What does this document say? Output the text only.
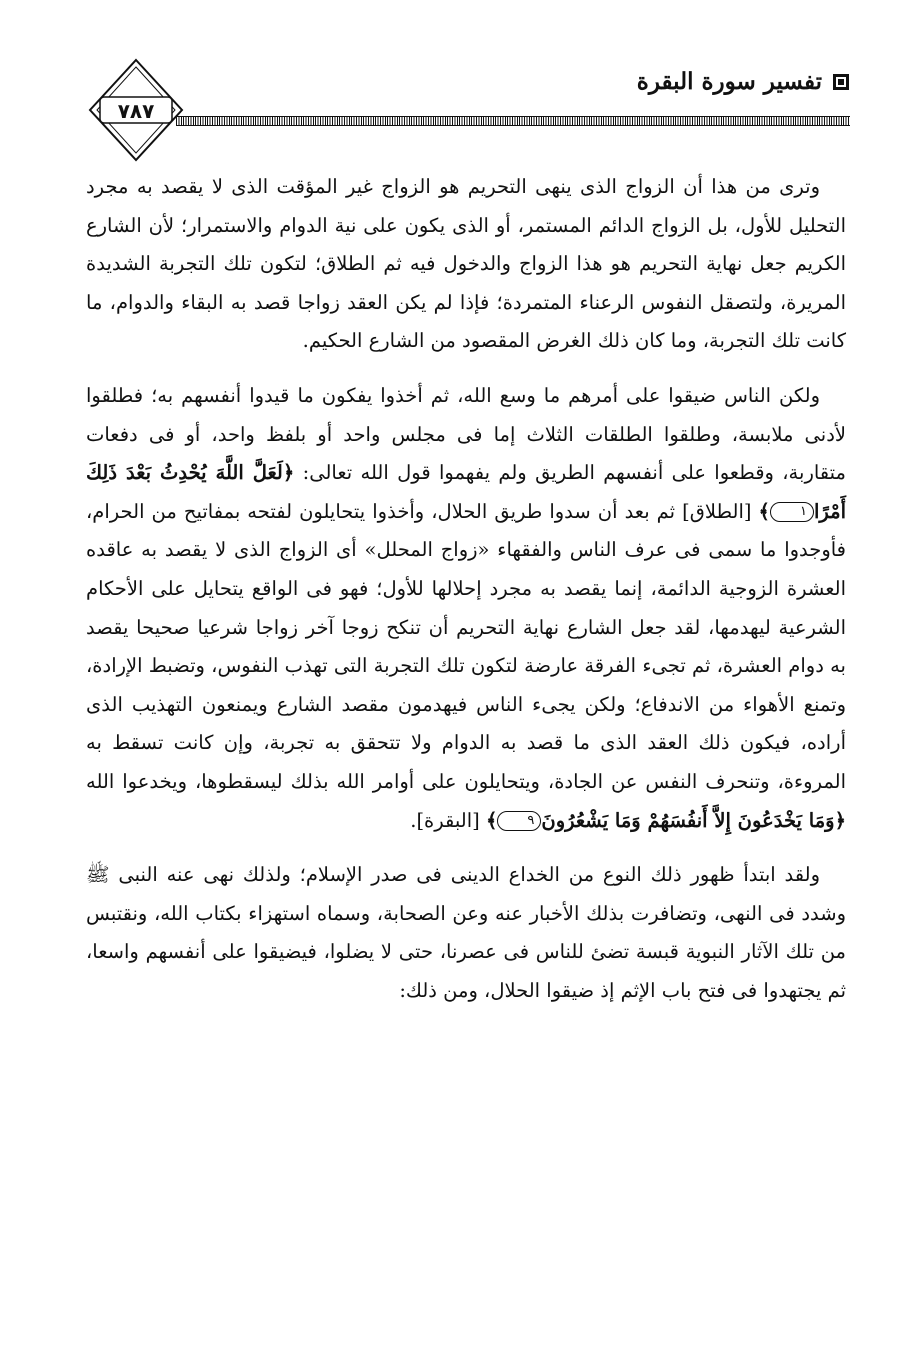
تفسير سورة البقرة
٧٨٧

وترى من هذا أن الزواج الذى ينهى التحريم هو الزواج غير المؤقت الذى لا يقصد به مجرد التحليل للأول، بل الزواج الدائم المستمر، أو الذى يكون على نية الدوام والاستمرار؛ لأن الشارع الكريم جعل نهاية التحريم هو هذا الزواج والدخول فيه ثم الطلاق؛ لتكون تلك التجربة الشديدة المريرة، ولتصقل النفوس الرعناء المتمردة؛ فإذا لم يكن العقد زواجا قصد به البقاء والدوام، ما كانت تلك التجربة، وما كان ذلك الغرض المقصود من الشارع الحكيم.

ولكن الناس ضيقوا على أمرهم ما وسع الله، ثم أخذوا يفكون ما قيدوا أنفسهم به؛ فطلقوا لأدنى ملابسة، وطلقوا الطلقات الثلاث إما فى مجلس واحد أو بلفظ واحد، أو فى دفعات متقاربة، وقطعوا على أنفسهم الطريق ولم يفهموا قول الله تعالى: ﴿لَعَلَّ اللَّهَ يُحْدِثُ بَعْدَ ذَلِكَ أَمْرًا١﴾ [الطلاق] ثم بعد أن سدوا طريق الحلال، وأخذوا يتحايلون لفتحه بمفاتيح من الحرام، فأوجدوا ما سمى فى عرف الناس والفقهاء «زواج المحلل» أى الزواج الذى لا يقصد به عاقده العشرة الزوجية الدائمة، إنما يقصد به مجرد إحلالها للأول؛ فهو فى الواقع يتحايل على الأحكام الشرعية ليهدمها، لقد جعل الشارع نهاية التحريم أن تنكح زوجا آخر زواجا شرعيا صحيحا يقصد به دوام العشرة، ثم تجىء الفرقة عارضة لتكون تلك التجربة التى تهذب النفوس، وتضبط الإرادة، وتمنع الأهواء من الاندفاع؛ ولكن يجىء الناس فيهدمون مقصد الشارع ويمنعون التهذيب الذى أراده، فيكون ذلك العقد الذى ما قصد به الدوام ولا تتحقق به تجربة، وإن كانت تسقط به المروءة، وتنحرف النفس عن الجادة، ويتحايلون على أوامر الله بذلك ليسقطوها، ويخدعوا الله ﴿وَمَا يَخْدَعُونَ إِلاَّ أَنفُسَهُمْ وَمَا يَشْعُرُونَ٩﴾ [البقرة].

ولقد ابتدأ ظهور ذلك النوع من الخداع الدينى فى صدر الإسلام؛ ولذلك نهى عنه النبى ﷺ وشدد فى النهى، وتضافرت بذلك الأخبار عنه وعن الصحابة، وسماه استهزاء بكتاب الله، ونقتبس من تلك الآثار النبوية قبسة تضئ للناس فى عصرنا، حتى لا يضلوا، فيضيقوا على أنفسهم واسعا، ثم يجتهدوا فى فتح باب الإثم إذ ضيقوا الحلال، ومن ذلك:
